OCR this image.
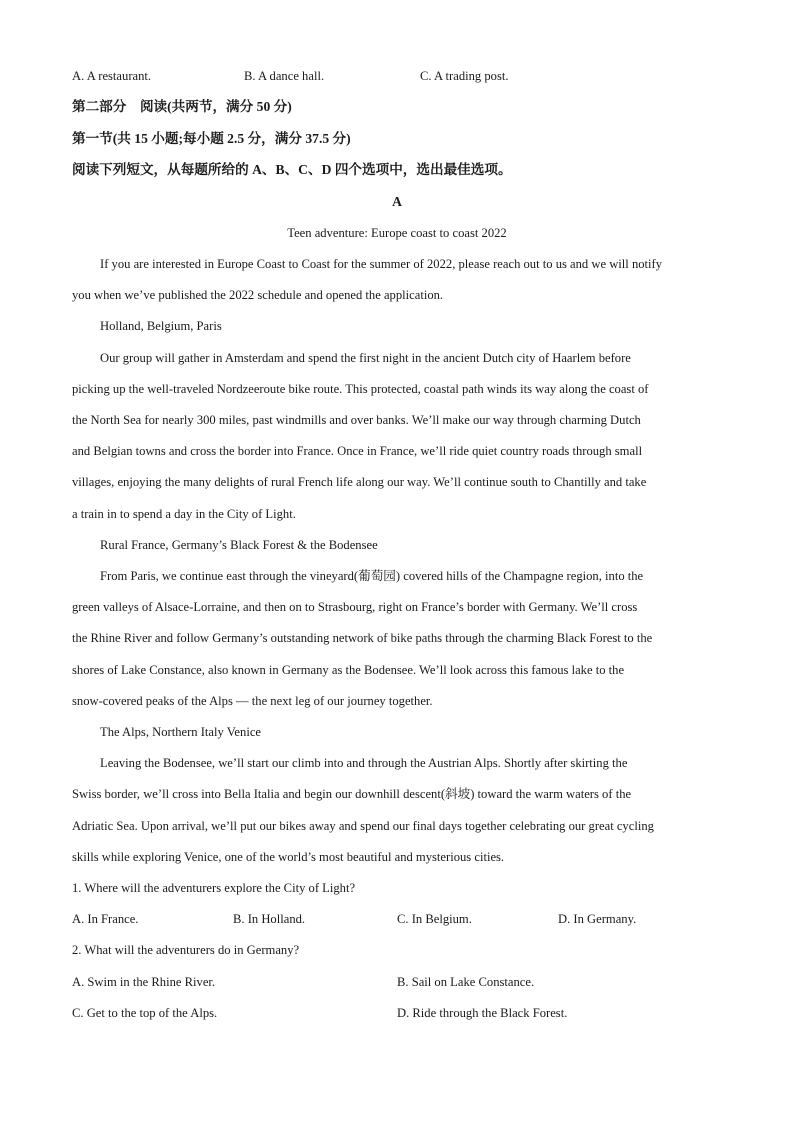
A. A restaurant.	B. A dance hall.	C. A trading post.
第二部分　阅读(共两节，满分 50 分)
第一节(共 15 小题;每小题 2.5 分，满分 37.5 分)
阅读下列短文，从每题所给的 A、B、C、D 四个选项中，选出最佳选项。
A
Teen adventure: Europe coast to coast 2022
If you are interested in Europe Coast to Coast for the summer of 2022, please reach out to us and we will notify
you when we’ve published the 2022 schedule and opened the application.
Holland, Belgium, Paris
Our group will gather in Amsterdam and spend the first night in the ancient Dutch city of Haarlem before
picking up the well-traveled Nordzeeroute bike route. This protected, coastal path winds its way along the coast of
the North Sea for nearly 300 miles, past windmills and over banks. We’ll make our way through charming Dutch
and Belgian towns and cross the border into France. Once in France, we’ll ride quiet country roads through small
villages, enjoying the many delights of rural French life along our way. We’ll continue south to Chantilly and take
a train in to spend a day in the City of Light.
Rural France, Germany’s Black Forest & the Bodensee
From Paris, we continue east through the vineyard(葡萄园) covered hills of the Champagne region, into the
green valleys of Alsace-Lorraine, and then on to Strasbourg, right on France’s border with Germany. We’ll cross
the Rhine River and follow Germany’s outstanding network of bike paths through the charming Black Forest to the
shores of Lake Constance, also known in Germany as the Bodensee. We’ll look across this famous lake to the
snow-covered peaks of the Alps — the next leg of our journey together.
The Alps, Northern Italy Venice
Leaving the Bodensee, we’ll start our climb into and through the Austrian Alps. Shortly after skirting the
Swiss border, we’ll cross into Bella Italia and begin our downhill descent(斜坡) toward the warm waters of the
Adriatic Sea. Upon arrival, we’ll put our bikes away and spend our final days together celebrating our great cycling
skills while exploring Venice, one of the world’s most beautiful and mysterious cities.
1. Where will the adventurers explore the City of Light?
A. In France.	B. In Holland.	C. In Belgium.	D. In Germany.
2. What will the adventurers do in Germany?
A. Swim in the Rhine River.	B. Sail on Lake Constance.
C. Get to the top of the Alps.	D. Ride through the Black Forest.
